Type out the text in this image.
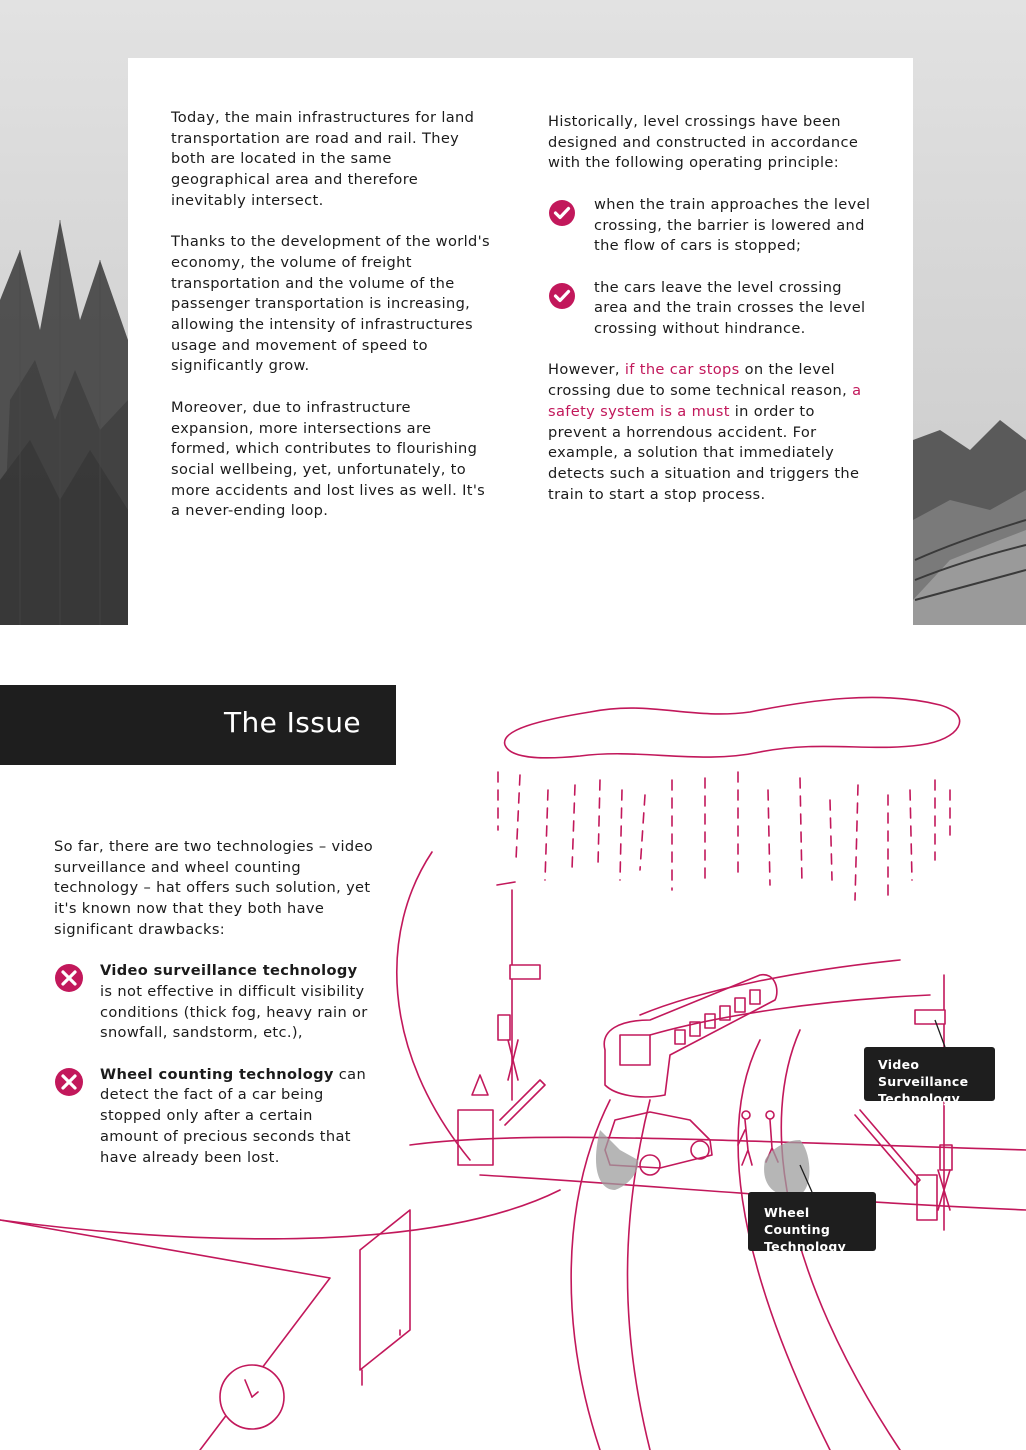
Today, the main infrastructures for land transportation are road and rail. They both are located in the same geographical area and therefore inevitably intersect.

Thanks to the development of the world's economy, the volume of freight transportation and the volume of the passenger transportation is increasing, allowing the intensity of infrastructures usage and movement of speed to significantly grow.

Moreover, due to infrastructure expansion, more intersections are formed, which contributes to flourishing social wellbeing, yet, unfortunately, to more accidents and lost lives as well. It's a never-ending loop.

Historically, level crossings have been designed and constructed in accordance with the following operating principle:

when the train approaches the level crossing, the barrier is lowered and the flow of cars is stopped;

the cars leave the level crossing area and the train crosses the level crossing without hindrance.

However, if the car stops on the level crossing due to some technical reason, a safety system is a must in order to prevent a horrendous accident. For example, a solution that immediately detects such a situation and triggers the train to start a stop process.

The Issue

So far, there are two technologies – video surveillance and wheel counting technology – hat offers such solution, yet it's known now that they both have significant drawbacks:

Video surveillance technology is not effective in difficult visibility conditions (thick fog, heavy rain or snowfall, sandstorm, etc.),

Wheel counting technology can detect the fact of a car being stopped only after a certain amount of precious seconds that have already been lost.

Video Surveillance Technology
Wheel Counting Technology
